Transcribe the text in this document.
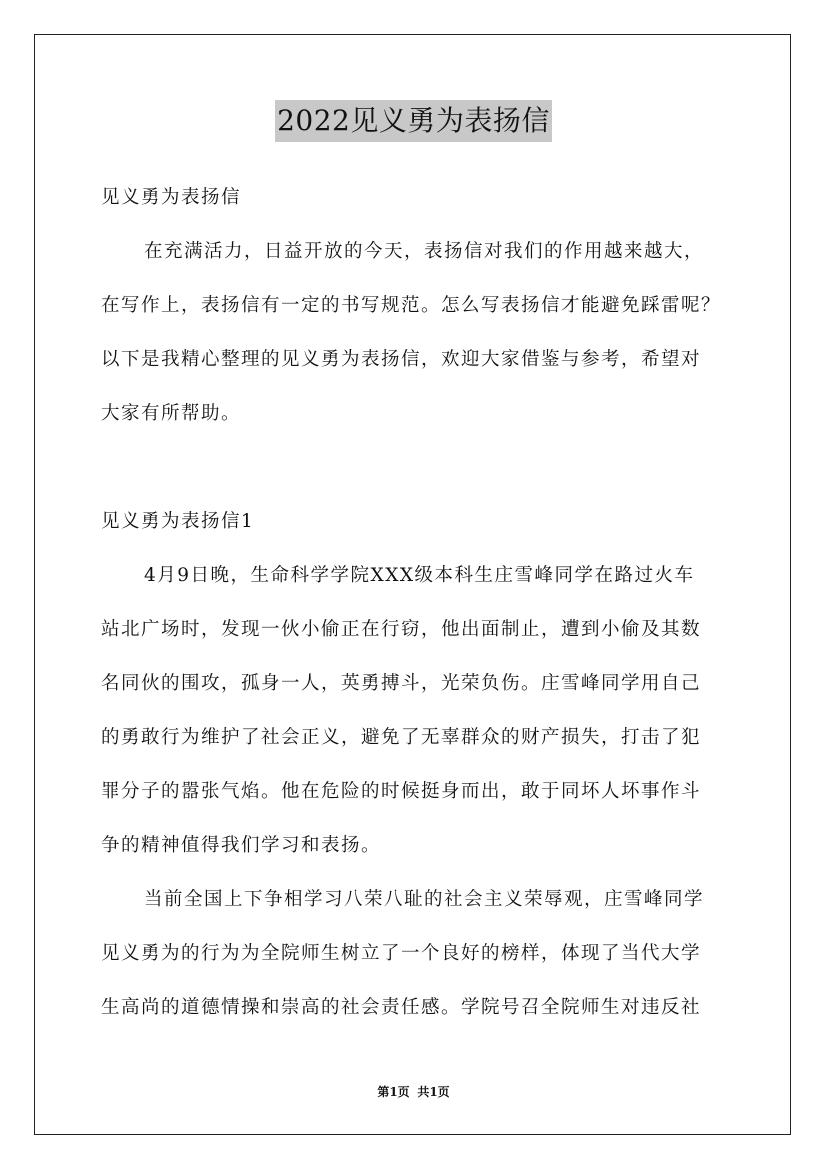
2022见义勇为表扬信
见义勇为表扬信
在充满活力，日益开放的今天，表扬信对我们的作用越来越大，
在写作上，表扬信有一定的书写规范。怎么写表扬信才能避免踩雷呢？
以下是我精心整理的见义勇为表扬信，欢迎大家借鉴与参考，希望对
大家有所帮助。
见义勇为表扬信1
4月9日晚，生命科学学院XXX级本科生庄雪峰同学在路过火车
站北广场时，发现一伙小偷正在行窃，他出面制止，遭到小偷及其数
名同伙的围攻，孤身一人，英勇搏斗，光荣负伤。庄雪峰同学用自己
的勇敢行为维护了社会正义，避免了无辜群众的财产损失，打击了犯
罪分子的嚣张气焰。他在危险的时候挺身而出，敢于同坏人坏事作斗
争的精神值得我们学习和表扬。
当前全国上下争相学习八荣八耻的社会主义荣辱观，庄雪峰同学
见义勇为的行为为全院师生树立了一个良好的榜样，体现了当代大学
生高尚的道德情操和崇高的社会责任感。学院号召全院师生对违反社
第1页 共1页
